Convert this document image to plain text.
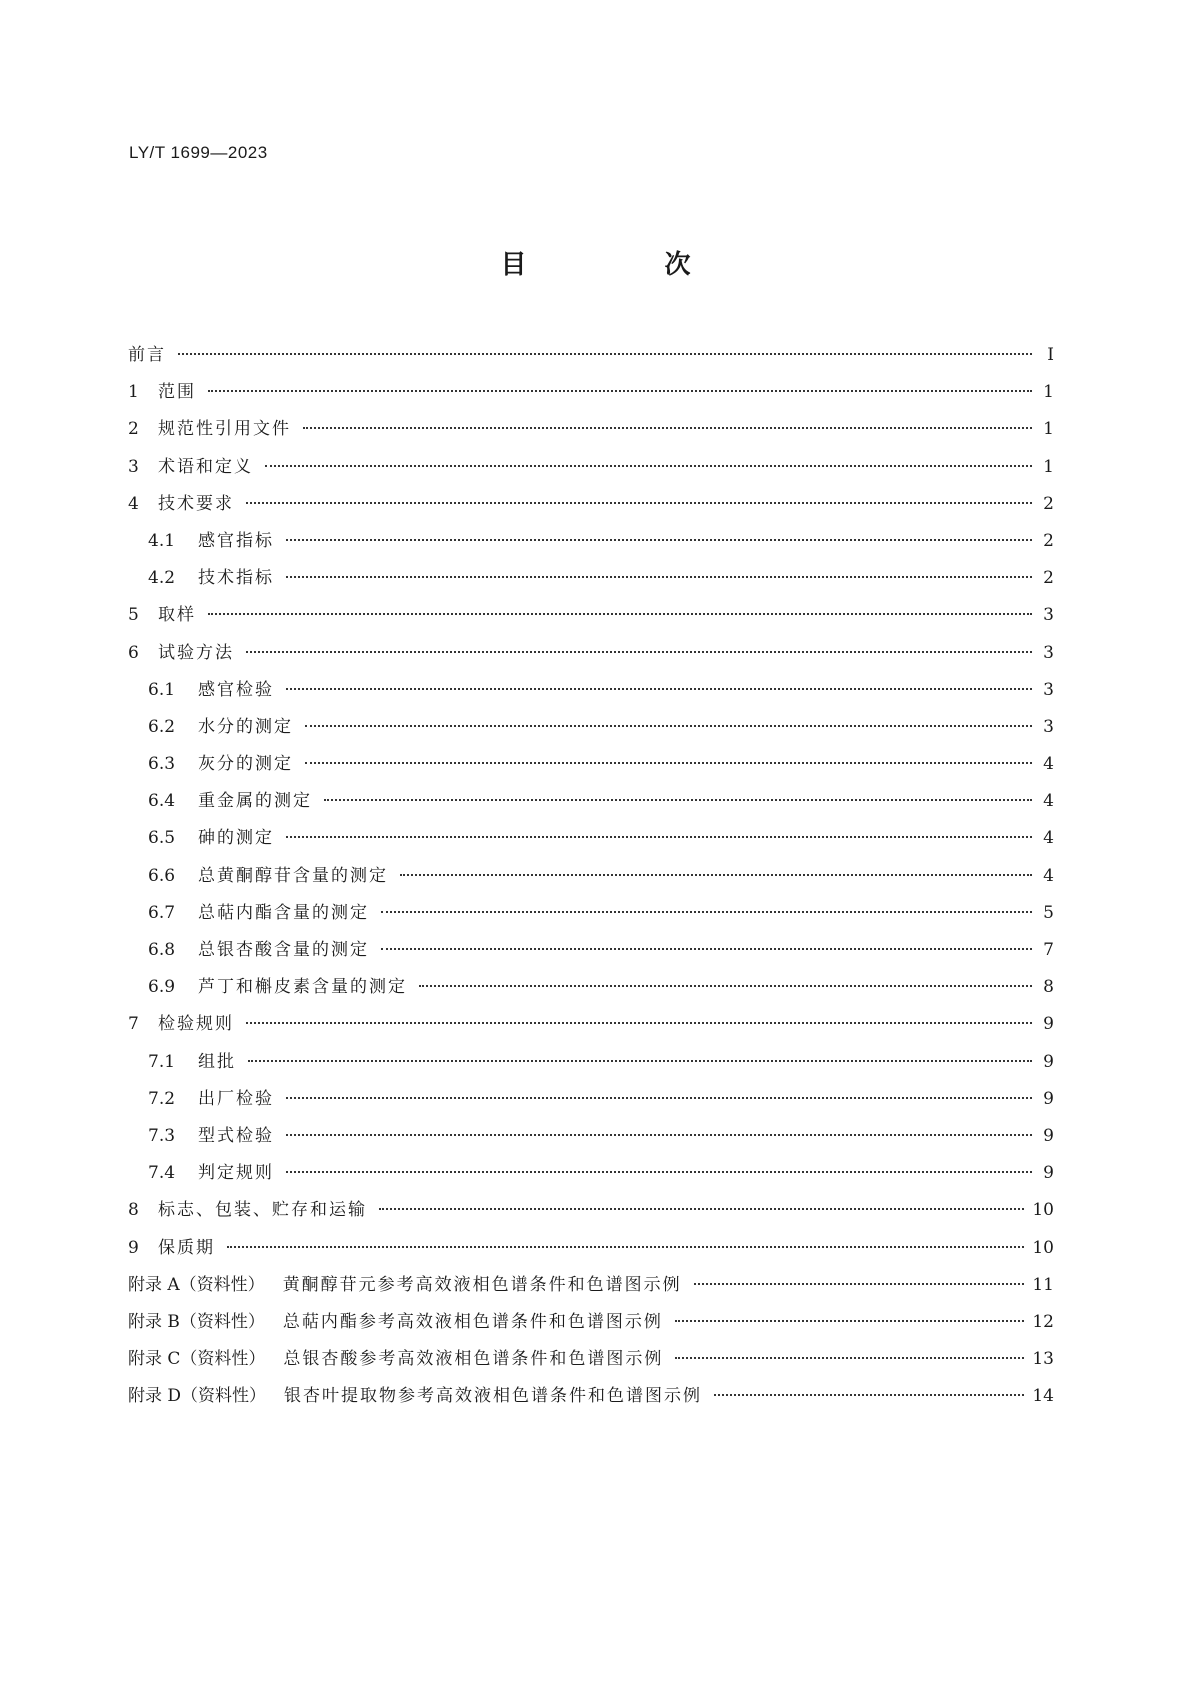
LY/T 1699—2023
目　次
前言	Ⅰ
1	范围	1
2	规范性引用文件	1
3	术语和定义	1
4	技术要求	2
4.1	感官指标	2
4.2	技术指标	2
5	取样	3
6	试验方法	3
6.1	感官检验	3
6.2	水分的测定	3
6.3	灰分的测定	4
6.4	重金属的测定	4
6.5	砷的测定	4
6.6	总黄酮醇苷含量的测定	4
6.7	总萜内酯含量的测定	5
6.8	总银杏酸含量的测定	7
6.9	芦丁和槲皮素含量的测定	8
7	检验规则	9
7.1	组批	9
7.2	出厂检验	9
7.3	型式检验	9
7.4	判定规则	9
8	标志、包装、贮存和运输	10
9	保质期	10
附录 A（资料性）	黄酮醇苷元参考高效液相色谱条件和色谱图示例	11
附录 B（资料性）	总萜内酯参考高效液相色谱条件和色谱图示例	12
附录 C（资料性）	总银杏酸参考高效液相色谱条件和色谱图示例	13
附录 D（资料性）	银杏叶提取物参考高效液相色谱条件和色谱图示例	14
